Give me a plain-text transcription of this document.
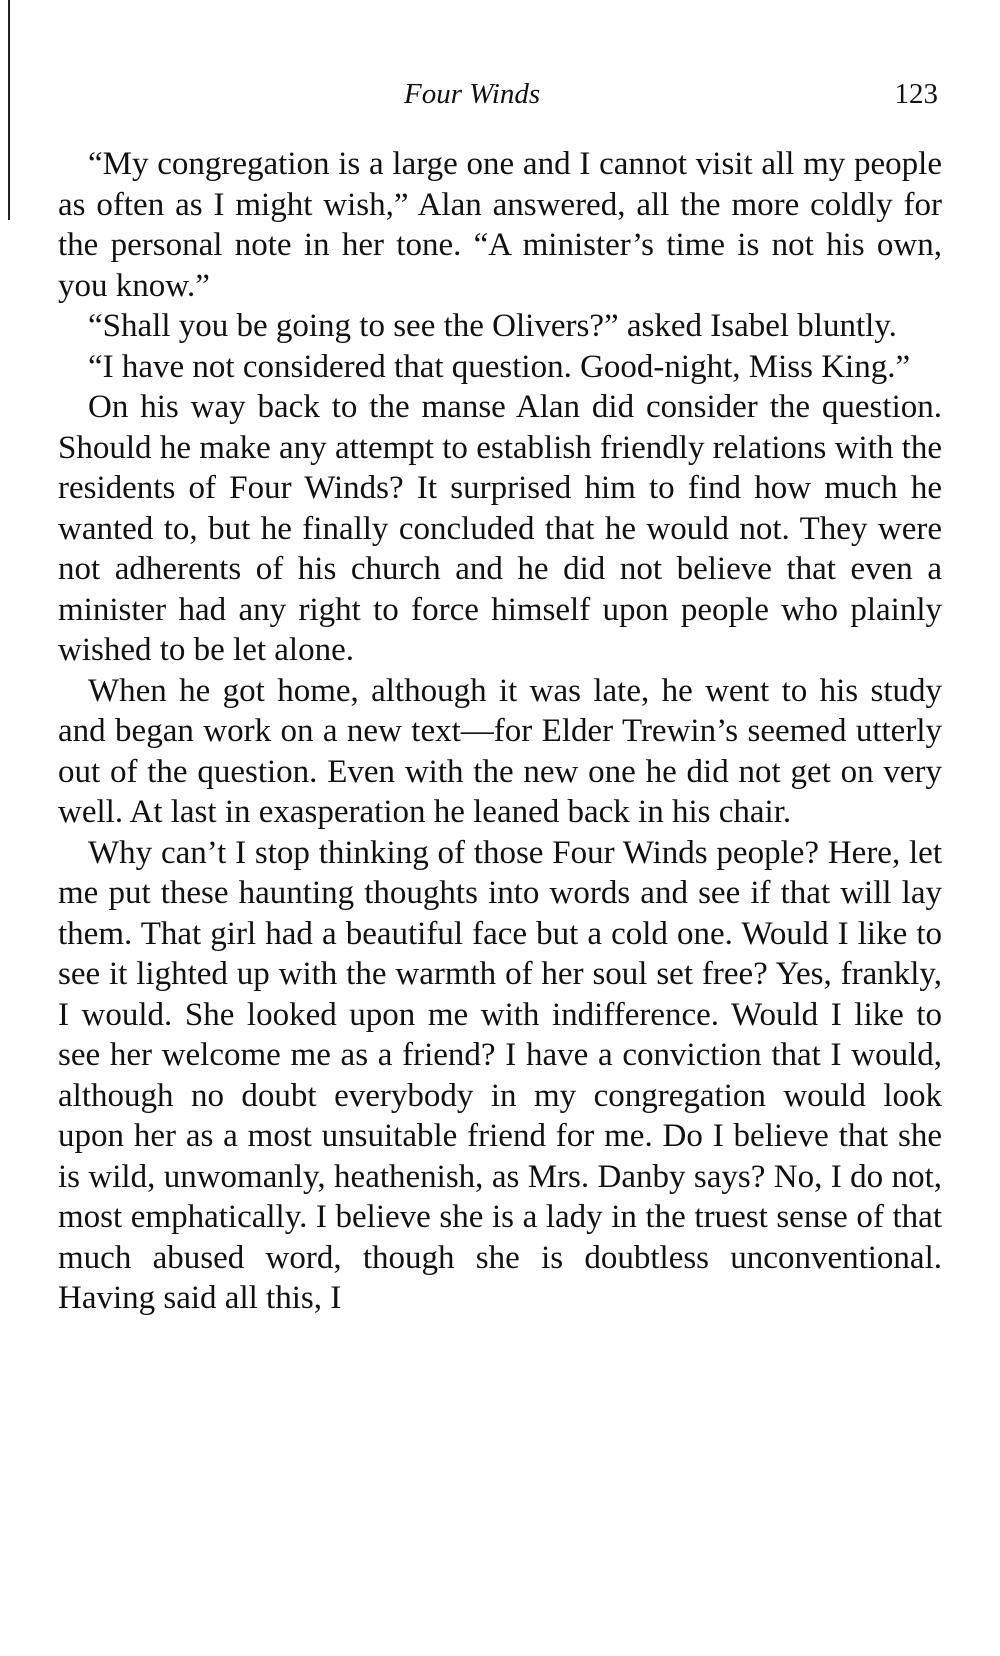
Four Winds	123

“My congregation is a large one and I cannot visit all my people as often as I might wish,” Alan answered, all the more coldly for the personal note in her tone. “A minister’s time is not his own, you know.”

“Shall you be going to see the Olivers?” asked Isabel bluntly.

“I have not considered that question. Good-night, Miss King.”

On his way back to the manse Alan did consider the question. Should he make any attempt to establish friendly relations with the residents of Four Winds? It surprised him to find how much he wanted to, but he finally concluded that he would not. They were not adherents of his church and he did not believe that even a minister had any right to force himself upon people who plainly wished to be let alone.

When he got home, although it was late, he went to his study and began work on a new text—for Elder Trewin’s seemed utterly out of the question. Even with the new one he did not get on very well. At last in exasperation he leaned back in his chair.

Why can’t I stop thinking of those Four Winds people? Here, let me put these haunting thoughts into words and see if that will lay them. That girl had a beautiful face but a cold one. Would I like to see it lighted up with the warmth of her soul set free? Yes, frankly, I would. She looked upon me with indifference. Would I like to see her welcome me as a friend? I have a conviction that I would, although no doubt everybody in my congregation would look upon her as a most unsuitable friend for me. Do I believe that she is wild, unwomanly, heathenish, as Mrs. Danby says? No, I do not, most emphatically. I believe she is a lady in the truest sense of that much abused word, though she is doubtless unconventional. Having said all this, I
